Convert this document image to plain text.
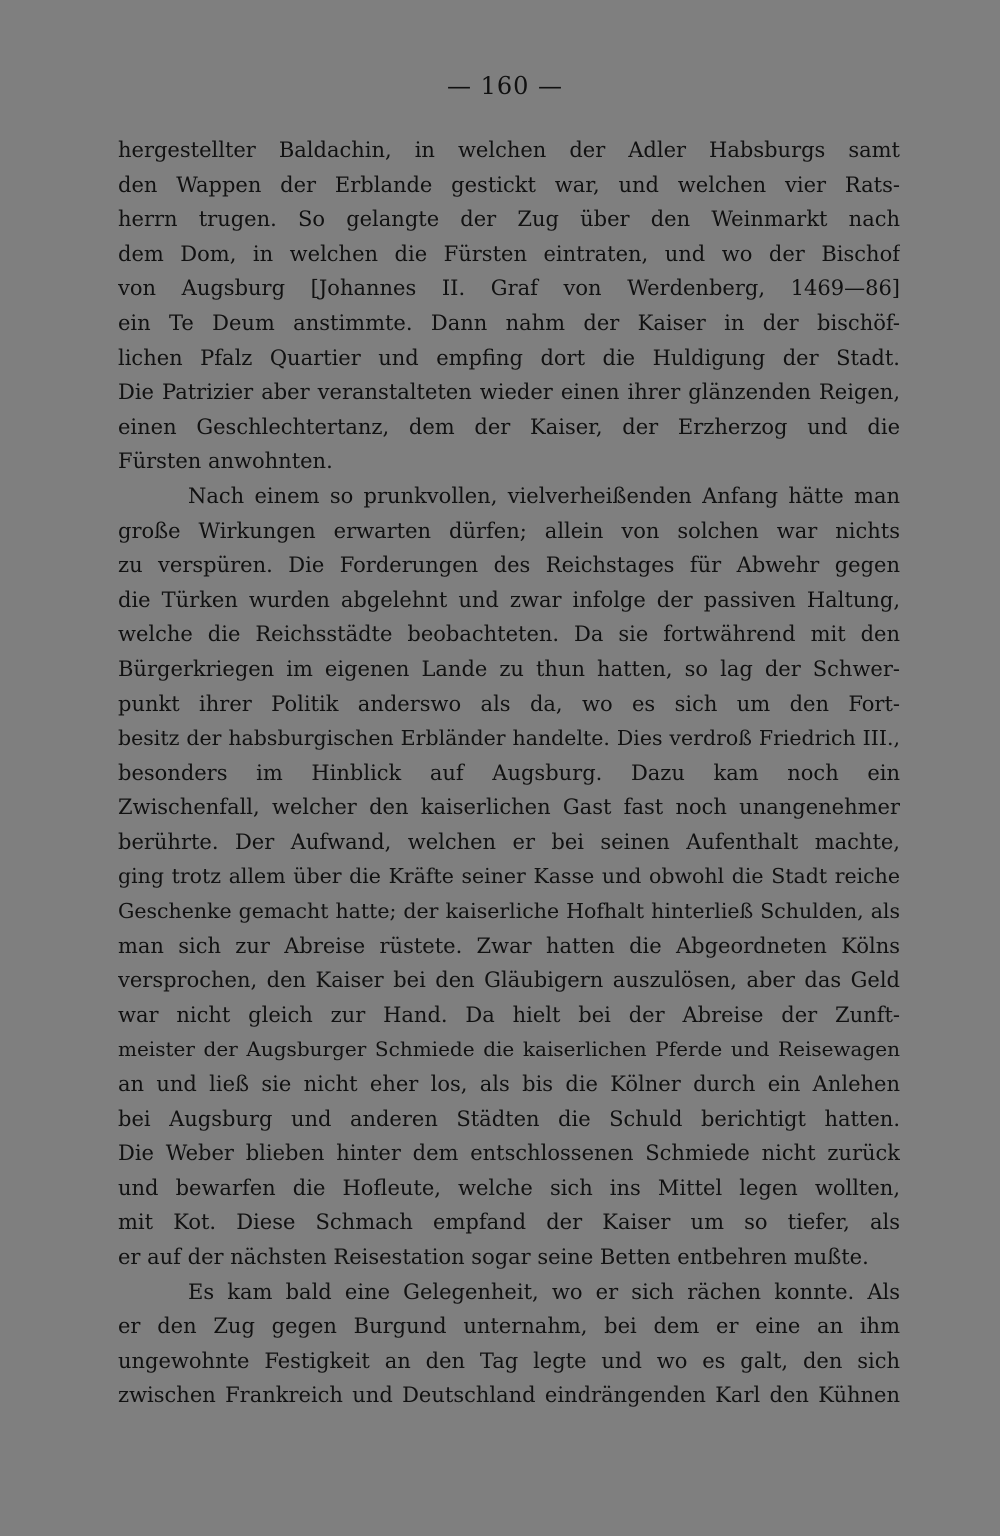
— 160 —
hergestellter Baldachin, in welchen der Adler Habsburgs samt
den Wappen der Erblande gestickt war, und welchen vier Rats-
herrn trugen. So gelangte der Zug über den Weinmarkt nach
dem Dom, in welchen die Fürsten eintraten, und wo der Bischof
von Augsburg [Johannes II. Graf von Werdenberg, 1469—86]
ein Te Deum anstimmte. Dann nahm der Kaiser in der bischöf-
lichen Pfalz Quartier und empfing dort die Huldigung der Stadt.
Die Patrizier aber veranstalteten wieder einen ihrer glänzenden Reigen,
einen Geschlechtertanz, dem der Kaiser, der Erzherzog und die
Fürsten anwohnten.
Nach einem so prunkvollen, vielverheißenden Anfang hätte man
große Wirkungen erwarten dürfen; allein von solchen war nichts
zu verspüren. Die Forderungen des Reichstages für Abwehr gegen
die Türken wurden abgelehnt und zwar infolge der passiven Haltung,
welche die Reichsstädte beobachteten. Da sie fortwährend mit den
Bürgerkriegen im eigenen Lande zu thun hatten, so lag der Schwer-
punkt ihrer Politik anderswo als da, wo es sich um den Fort-
besitz der habsburgischen Erbländer handelte. Dies verdroß Friedrich III.,
besonders im Hinblick auf Augsburg. Dazu kam noch ein
Zwischenfall, welcher den kaiserlichen Gast fast noch unangenehmer
berührte. Der Aufwand, welchen er bei seinen Aufenthalt machte,
ging trotz allem über die Kräfte seiner Kasse und obwohl die Stadt reiche
Geschenke gemacht hatte; der kaiserliche Hofhalt hinterließ Schulden, als
man sich zur Abreise rüstete. Zwar hatten die Abgeordneten Kölns
versprochen, den Kaiser bei den Gläubigern auszulösen, aber das Geld
war nicht gleich zur Hand. Da hielt bei der Abreise der Zunft-
meister der Augsburger Schmiede die kaiserlichen Pferde und Reisewagen
an und ließ sie nicht eher los, als bis die Kölner durch ein Anlehen
bei Augsburg und anderen Städten die Schuld berichtigt hatten.
Die Weber blieben hinter dem entschlossenen Schmiede nicht zurück
und bewarfen die Hofleute, welche sich ins Mittel legen wollten,
mit Kot. Diese Schmach empfand der Kaiser um so tiefer, als
er auf der nächsten Reisestation sogar seine Betten entbehren mußte.
Es kam bald eine Gelegenheit, wo er sich rächen konnte. Als
er den Zug gegen Burgund unternahm, bei dem er eine an ihm
ungewohnte Festigkeit an den Tag legte und wo es galt, den sich
zwischen Frankreich und Deutschland eindrängenden Karl den Kühnen
